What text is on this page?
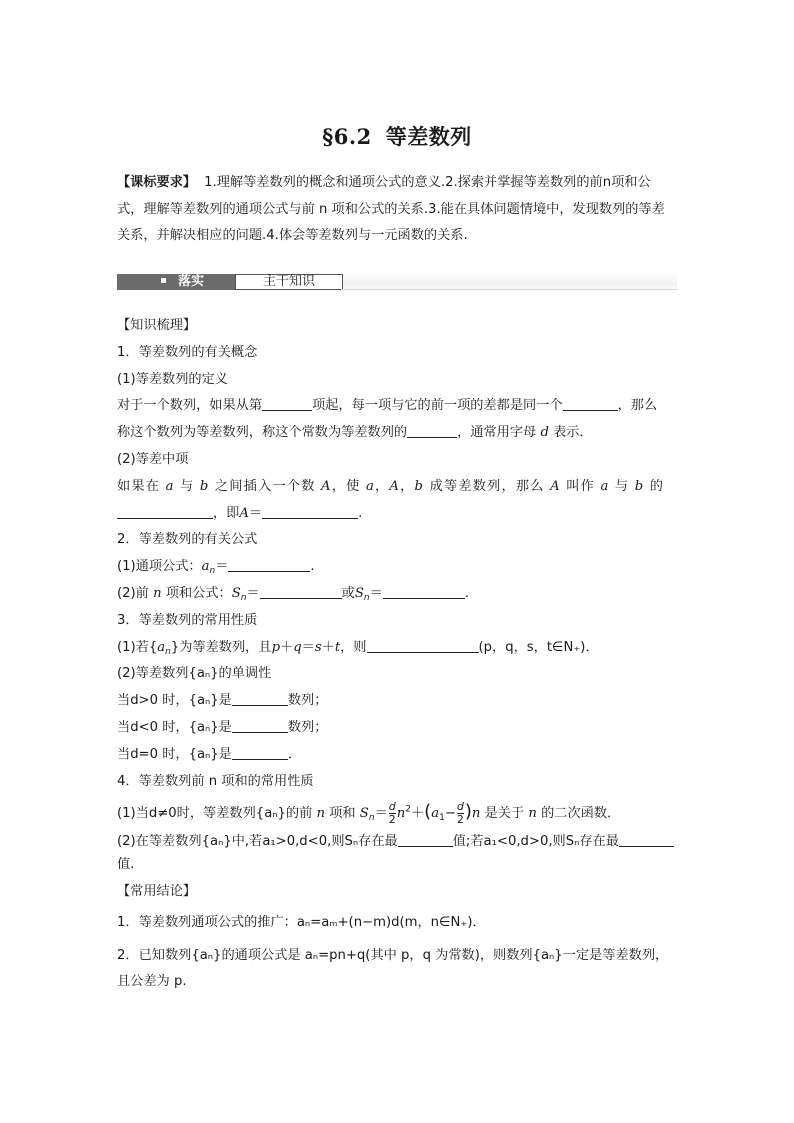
§6.2 等差数列
【课标要求】 1.理解等差数列的概念和通项公式的意义.2.探索并掌握等差数列的前n项和公式，理解等差数列的通项公式与前 n 项和公式的关系.3.能在具体问题情境中，发现数列的等差关系，并解决相应的问题.4.体会等差数列与一元函数的关系.
落实	主干知识
【知识梳理】
1．等差数列的有关概念
(1)等差数列的定义
对于一个数列，如果从第	项起，每一项与它的前一项的差都是同一个	，那么
称这个数列为等差数列，称这个常数为等差数列的	，通常用字母 d 表示．
(2)等差中项
如果在 a 与 b 之间插入一个数 A，使 a，A，b 成等差数列，那么 A 叫作 a 与 b 的
，即A＝	.
2．等差数列的有关公式
(1)通项公式：$a_n=$	.
(2)前 n 项和公式：$S_n=$	或$S_n=$	.
3．等差数列的常用性质
(1)若$\{a_n\}$为等差数列，且p＋q＝s＋t，则	(p，q，s，t∈N₊)．
(2)等差数列{aₙ}的单调性
当d>0 时，{aₙ}是	数列；
当d<0 时，{aₙ}是	数列；
当d=0 时，{aₙ}是	．
4．等差数列前 n 项和的常用性质
(1)当d≠0时，等差数列{aₙ}的前 n 项和 $S_n= \frac{d}{2} n^2+(a_1- \frac{d}{2} )n$ 是关于 n 的二次函数．
(2)在等差数列{aₙ}中,若a₁>0,d<0,则Sₙ存在最	值;若a₁<0,d>0,则Sₙ存在最
值.
【常用结论】
1．等差数列通项公式的推广：aₙ=aₘ+(n−m)d(m，n∈N₊)．
2．已知数列{aₙ}的通项公式是 aₙ=pn+q(其中 p，q 为常数)，则数列{aₙ}一定是等差数列，
且公差为 p.
